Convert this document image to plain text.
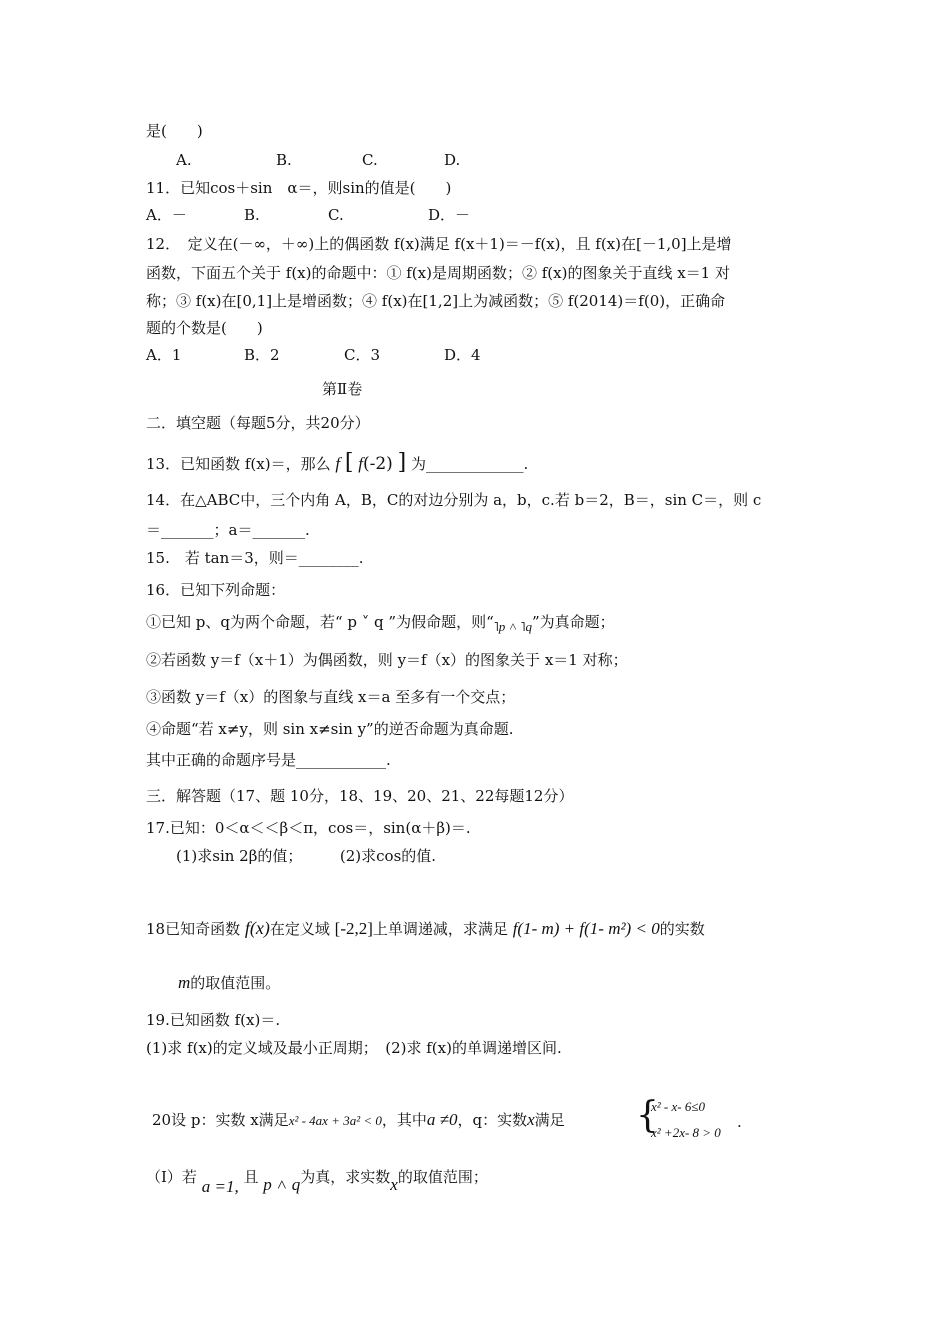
是(　　)
A.	B.	C.	D.
11．已知cos＋sin　α＝，则sin的值是(　　)
A．－	B.	C.	D．－
12．　定义在(－∞，＋∞)上的偶函数 f(x)满足 f(x＋1)＝－f(x)，且 f(x)在[－1,0]上是增
函数，下面五个关于 f(x)的命题中：① f(x)是周期函数；② f(x)的图象关于直线 x＝1 对
称；③ f(x)在[0,1]上是增函数；④ f(x)在[1,2]上为减函数；⑤ f(2014)＝f(0)，正确命
题的个数是(　　)
A．1	B．2	C．3	D．4
第Ⅱ卷
二．填空题（每题5分，共20分）
13．已知函数 f(x)＝，那么 f [ f(-2) ] 为_____________.
14．在△ABC中，三个内角 A，B，C的对边分别为 a，b，c.若 b＝2，B＝，sin C＝，则 c
＝_______；a＝_______.
15.　若 tan＝3，则＝________.
16．已知下列命题：
①已知 p、q为两个命题，若“ p ˅ q ”为假命题，则“˥p ˄ ˥q”为真命题；
②若函数 y＝f（x＋1）为偶函数，则 y＝f（x）的图象关于 x＝1 对称；
③函数 y＝f（x）的图象与直线 x＝a 至多有一个交点；
④命题“若 x≠y，则 sin x≠sin y”的逆否命题为真命题.
其中正确的命题序号是____________.
三．解答题（17、题 10分，18、19、20、21、22每题12分）
17.已知：0＜α＜＜β＜π，cos＝，sin(α＋β)＝.
(1)求sin 2β的值；　　　(2)求cos的值.
18已知奇函数 f(x)在定义域 [-2,2]上单调递减，求满足 f(1- m) + f(1- m²) < 0的实数
m的取值范围。
19.已知函数 f(x)＝.
(1)求 f(x)的定义域及最小正周期；　(2)求 f(x)的单调递增区间.
20设 p：实数 x满足x² - 4ax + 3a² < 0，其中a ≠0，q：实数x满足 {
x² - x- 6≤0
x² +2x- 8 > 0
.
（Ⅰ）若 a =1, 且 p ˄ q为真，求实数x的取值范围；
